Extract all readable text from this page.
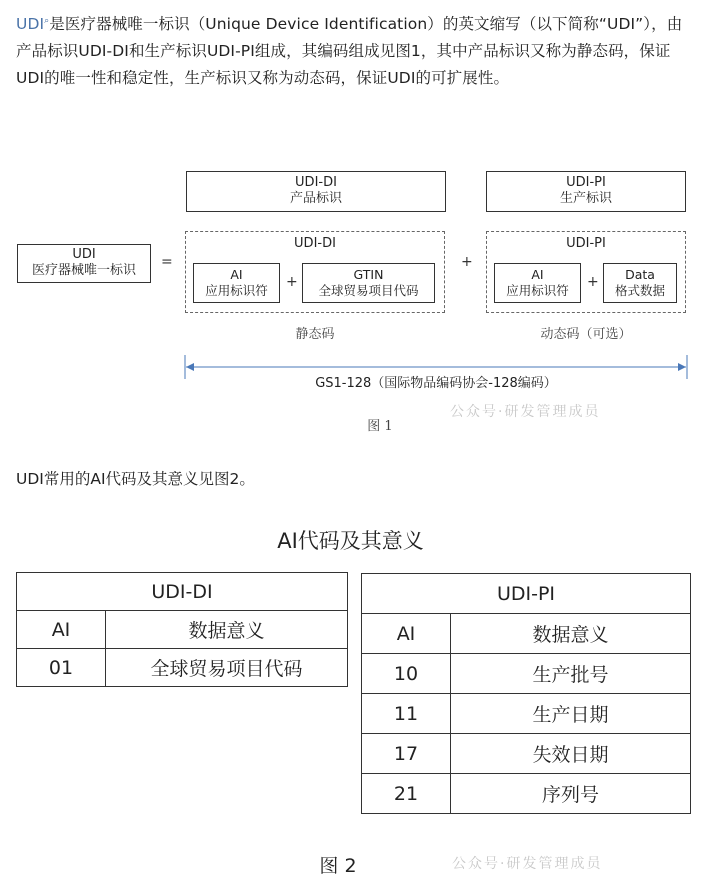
UDI⌕是医疗器械唯一标识（Unique Device Identification）的英文缩写（以下简称“UDI”），由产品标识UDI-DI和生产标识UDI-PI组成，其编码组成见图1，其中产品标识又称为静态码，保证UDI的唯一性和稳定性，生产标识又称为动态码，保证UDI的可扩展性。
UDI-DI
产品标识
UDI-PI
生产标识
UDI
医疗器械唯一标识
=
UDI-DI
AI
应用标识符
+	GTIN
全球贸易项目代码
静态码
+
UDI-PI
AI
应用标识符
+	Data
格式数据
动态码（可选）
GS1-128（国际物品编码协会-128编码）
图 1
公众号·研发管理成员
UDI常用的AI代码及其意义见图2。
AI代码及其意义
UDI-DI	
AI	数据意义
01	全球贸易项目代码
UDI-PI	
AI	数据意义
10	生产批号
11	生产日期
17	失效日期
21	序列号
图 2	公众号·研发管理成员
